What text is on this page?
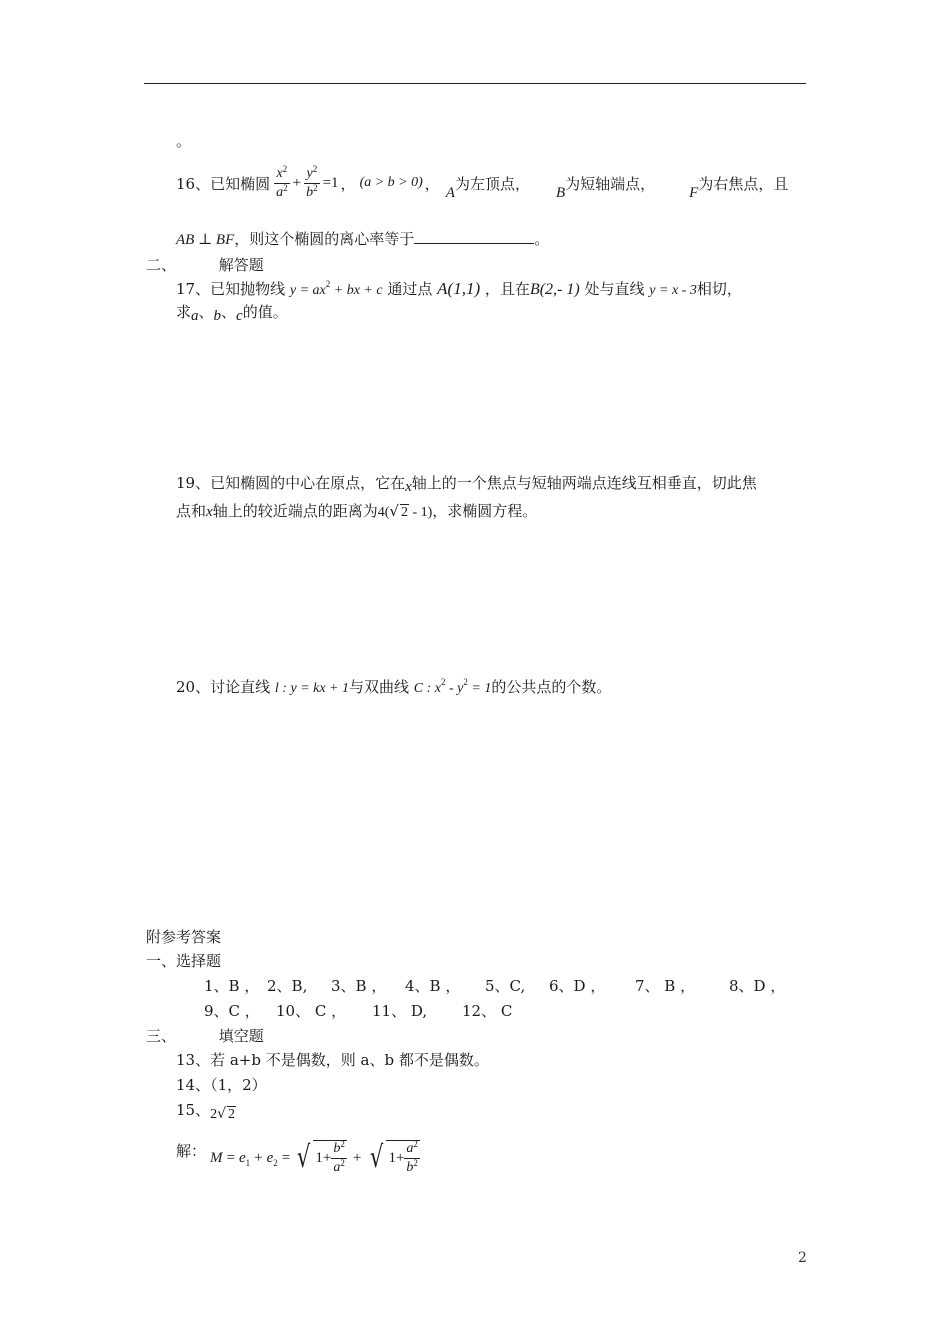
。
16、 已知椭圆 $\frac{x^2}{a^2} + \frac{y^2}{b^2} =1$ ， (a > b > 0) ， A 为左顶点， B 为短轴端点， F 为右焦点，且
AB ⊥ BF，则这个椭圆的离心率等于	。
二、	解答题
17、已知抛物线 $y = ax^2$ + bx + c 通过点 A(1,1) ，且在B(2,- 1) 处与直线 y = x - 3相切，
求a、b、c的值。
19、已知椭圆的中心在原点，它在x轴上的一个焦点与短轴两端点连线互相垂直，切此焦
点和x轴上的较近端点的距离为4(√ 2 - 1)，求椭圆方程。
20、讨论直线 l : y = kx + 1与双曲线 C : $x^2 - y^2 = 1$的公共点的个数。
附参考答案
一、选择题
1、B ， 2、B, 3、B ， 4、B ， 5、C, 6、D ， 7、 B ， 8、D ，
9、C ， 10、 C ， 11、 D, 12、 C
三、	填空题
13、若 a+b 不是偶数，则 a、b 都不是偶数。
14、（1，2）
15、2√ 2
解： $M = e_1 + e_2$ = √ $1+ \frac{b^2}{a^2}$ + √ $1+ \frac{a^2}{b^2}$
2
